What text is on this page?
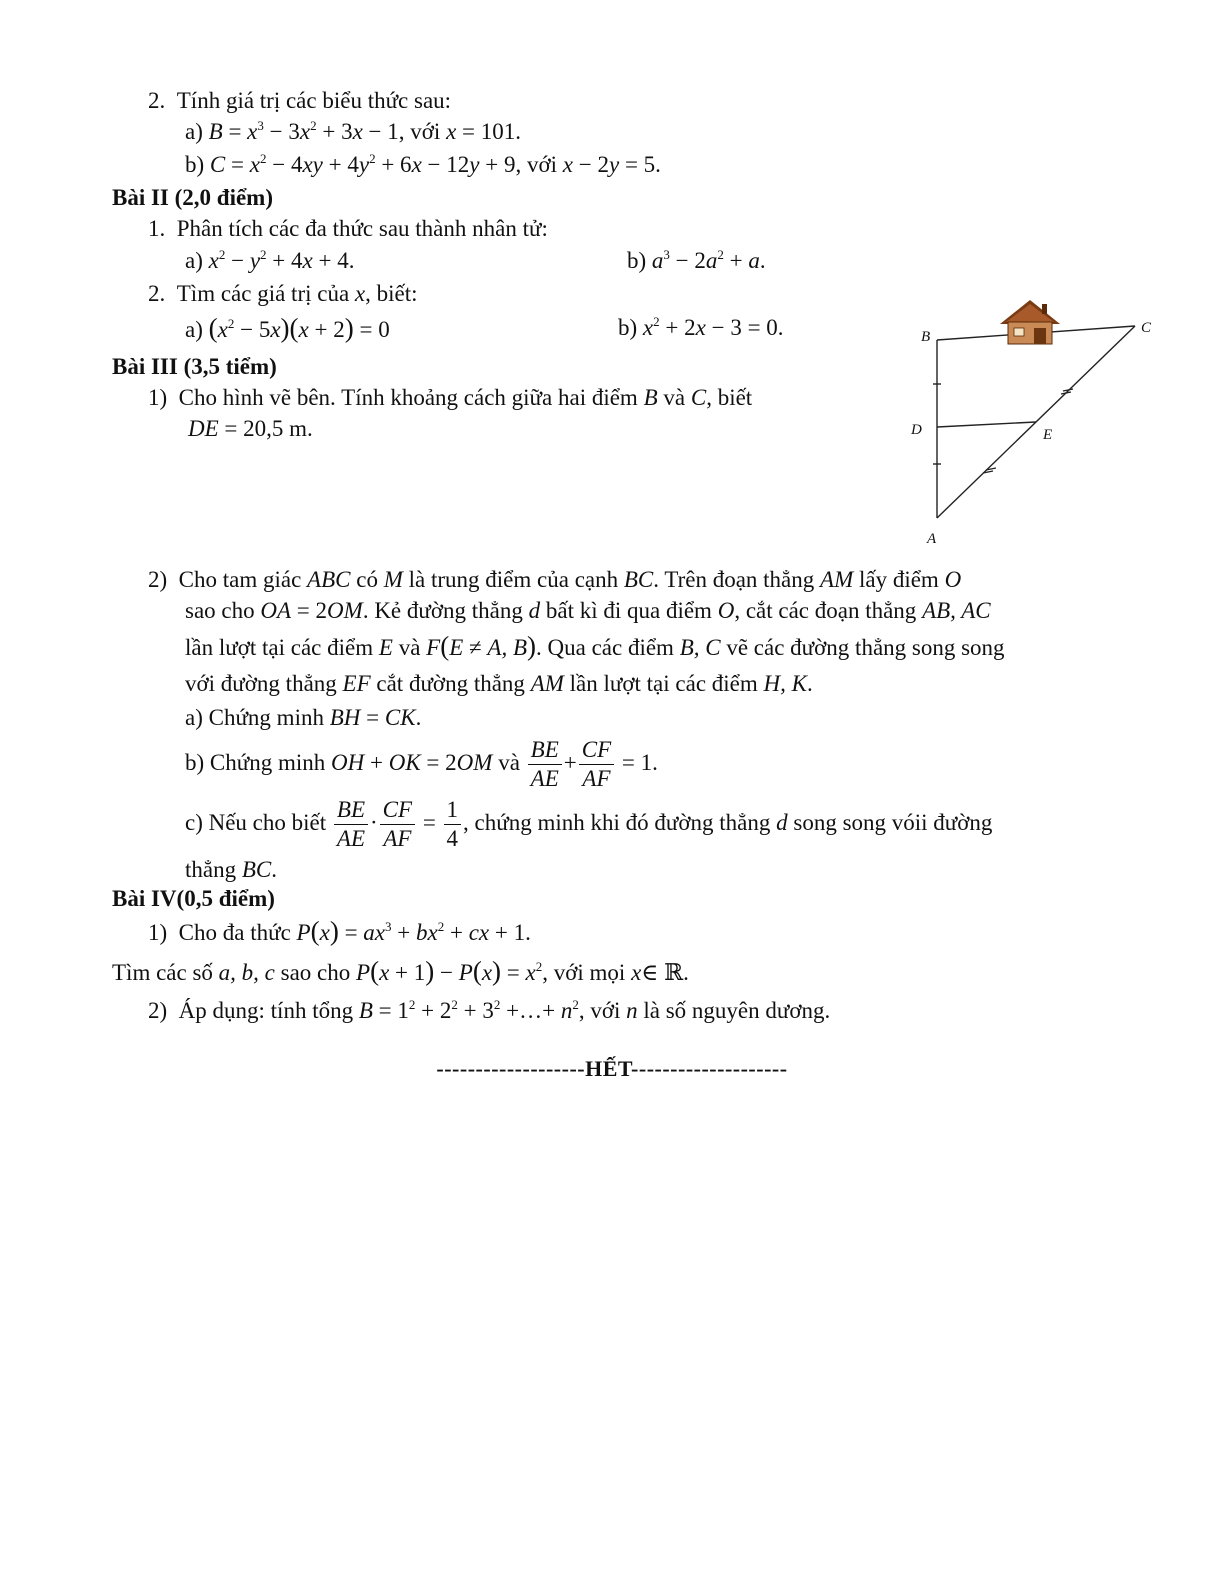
2.  Tính giá trị các biểu thức sau:
a) $B = x^3 - 3x^2 + 3x - 1$, với x = 101.
b) $C = x^2 - 4xy + 4y^2 + 6x - 12y + 9$, với x − 2y = 5.
Bài II (2,0 điểm)
1.  Phân tích các đa thức sau thành nhân tử:
a) $x^2 - y^2 + 4x + 4$.	b) $a^3 - 2a^2 + a$.
2.  Tìm các giá trị của x, biết:
a) $(x^2 - 5x)(x + 2) = 0$	b) $x^2 + 2x - 3 = 0$.
Bài III (3,5 tiểm)
1)  Cho hình vẽ bên. Tính khoảng cách giữa hai điểm B và C, biết
DE = 20,5 m.
2)  Cho tam giác ABC có M là trung điểm của cạnh BC. Trên đoạn thẳng AM lấy điểm O
sao cho OA = 2OM. Kẻ đường thẳng d bất kì đi qua điểm O, cắt các đoạn thẳng AB, AC
lần lượt tại các điểm E và F(E ≠ A, B). Qua các điểm B, C vẽ các đường thẳng song song
với đường thẳng EF cắt đường thẳng AM lần lượt tại các điểm H, K.
a) Chứng minh BH = CK.
b) Chứng minh OH + OK = 2OM và $\frac{BE}{AE} + \frac{CF}{AF} = 1$.
c) Nếu cho biết $\frac{BE}{AE} \cdot \frac{CF}{AF} = \frac{1}{4}$ , chứng minh khi đó đường thẳng d song song vóii đường
thẳng BC.
Bài IV(0,5 điểm)
1)  Cho đa thức $P(x) = ax^3 + bx^2$ + cx + 1.
Tìm các số a, b, c sao cho $P(x + 1) - P(x) = x^2$, với mọi x∈ ℝ.
2)  Áp dụng: tính tổng $B = 1^2 + 2^2 + 3^2$ +…+ $n^2$, với n là số nguyên dương.
-------------------HẾT--------------------
B
C
D	E
A
